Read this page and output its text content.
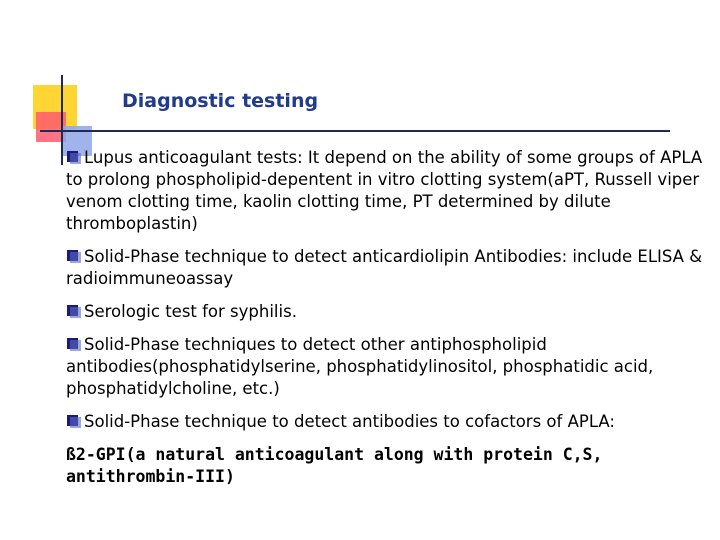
Diagnostic testing
Lupus anticoagulant tests: It depend on the ability of some groups of APLA to prolong phospholipid-depentent in vitro clotting system(aPT, Russell viper venom clotting time, kaolin clotting time, PT determined by dilute thromboplastin)
Solid-Phase technique to detect anticardiolipin Antibodies: include ELISA & radioimmuneoassay
Serologic test for syphilis.
Solid-Phase techniques to detect other antiphospholipid antibodies(phosphatidylserine, phosphatidylinositol, phosphatidic acid, phosphatidylcholine, etc.)
Solid-Phase technique to detect antibodies to cofactors of APLA:
ß2-GPI(a natural anticoagulant along with protein C,S, antithrombin-III)
